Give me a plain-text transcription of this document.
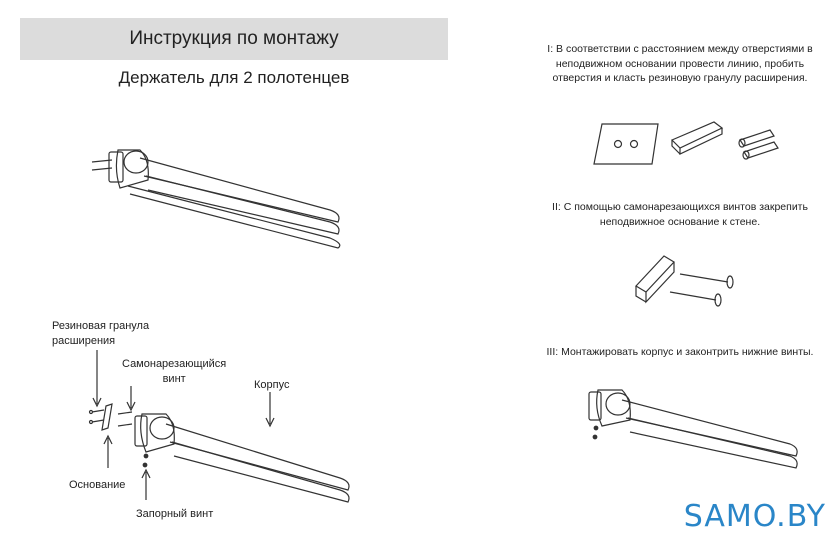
Инструкция по монтажу
Держатель для 2 полотенцев
Резиновая гранула
расширения
Самонарезающийся
винт	Корпус
Основание
Запорный винт
I: В соответствии с расстоянием между отверстиями в
неподвижном основании провести линию, пробить
отверстия и класть резиновую гранулу расширения.
II: С помощью самонарезающихся винтов закрепить
неподвижное основание к стене.
III: Монтажировать корпус и законтрить нижние винты.
SAMO.BY
